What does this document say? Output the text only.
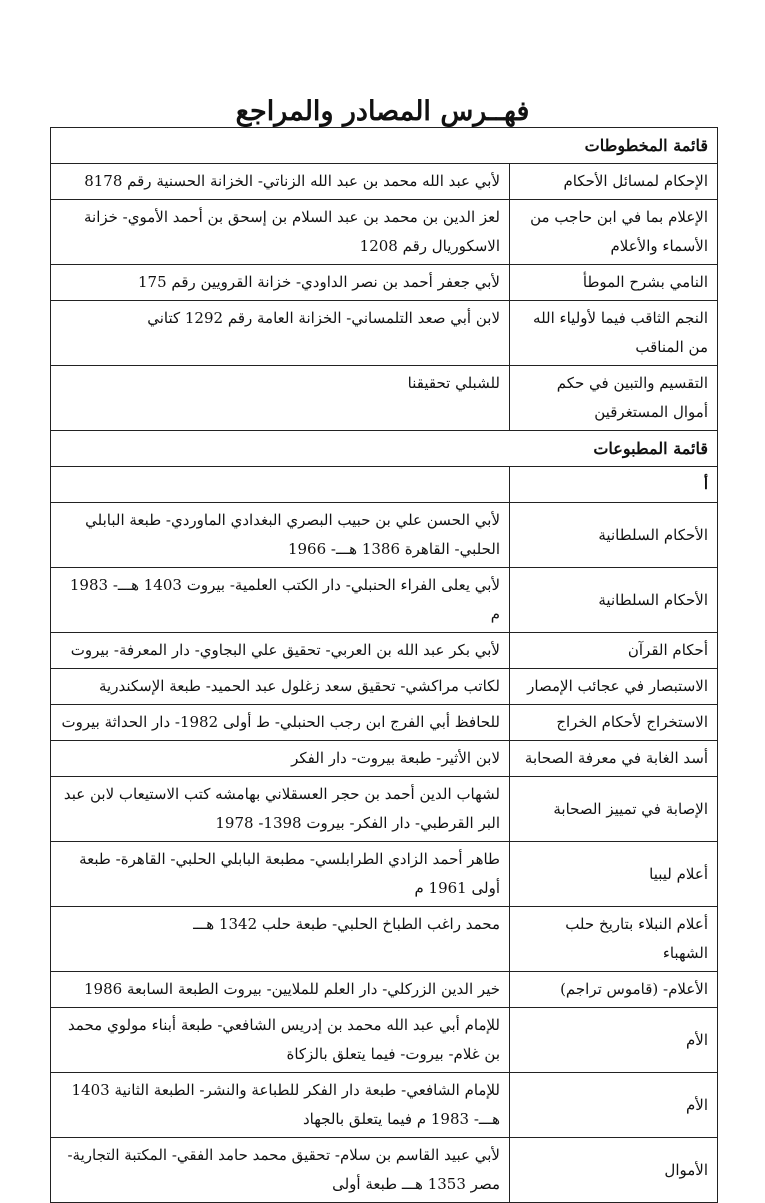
فهــرس المصادر والمراجع
قائمة المخطوطات	
الإحكام لمسائل الأحكام	لأبي عبد الله محمد بن عبد الله الزناتي- الخزانة الحسنية رقم 8178
الإعلام بما في ابن حاجب من الأسماء والأعلام	لعز الدين بن محمد بن عبد السلام بن إسحق بن أحمد الأموي- خزانة الاسكوريال رقم 1208
النامي بشرح الموطأ	لأبي جعفر أحمد بن نصر الداودي- خزانة القرويين رقم 175
النجم الثاقب فيما لأولياء الله من المناقب	لابن أبي صعد التلمساني- الخزانة العامة رقم 1292 كتاني
التقسيم والتبين في حكم أموال المستغرقين	للشبلي تحقيقنا
قائمة المطبوعات	
أ	
الأحكام السلطانية	لأبي الحسن علي بن حبيب البصري البغدادي الماوردي- طبعة البابلي الحلبي- القاهرة 1386 هـــ- 1966
الأحكام السلطانية	لأبي يعلى الفراء الحنبلي- دار الكتب العلمية- بيروت 1403 هـــ- 1983 م
أحكام القرآن	لأبي بكر عبد الله بن العربي- تحقيق علي البجاوي- دار المعرفة- بيروت
الاستبصار في عجائب الإمصار	لكاتب مراكشي- تحقيق سعد زغلول عبد الحميد- طبعة الإسكندرية
الاستخراج لأحكام الخراج	للحافظ أبي الفرج ابن رجب الحنبلي- ط أولى 1982- دار الحداثة بيروت
أسد الغابة في معرفة الصحابة	لابن الأثير- طبعة بيروت- دار الفكر
الإصابة في تمييز الصحابة	لشهاب الدين أحمد بن حجر العسقلاني بهامشه كتب الاستيعاب لابن عبد البر القرطبي- دار الفكر- بيروت 1398- 1978
أعلام ليبيا	طاهر أحمد الزادي الطرابلسي- مطبعة البابلي الحلبي- القاهرة- طبعة أولى 1961 م
أعلام النبلاء بتاريخ حلب الشهباء	محمد راغب الطباخ الحلبي- طبعة حلب 1342 هـــ
الأعلام- (قاموس تراجم)	خير الدين الزركلي- دار العلم للملايين- بيروت الطبعة السابعة 1986
الأم	للإمام أبي عبد الله محمد بن إدريس الشافعي- طبعة أبناء مولوي محمد بن غلام- بيروت- فيما يتعلق بالزكاة
الأم	للإمام الشافعي- طبعة دار الفكر للطباعة والنشر- الطبعة الثانية 1403 هـــ- 1983 م فيما يتعلق بالجهاد
الأموال	لأبي عبيد القاسم بن سلام- تحقيق محمد حامد الفقي- المكتبة التجارية- مصر 1353 هـــ طبعة أولى
